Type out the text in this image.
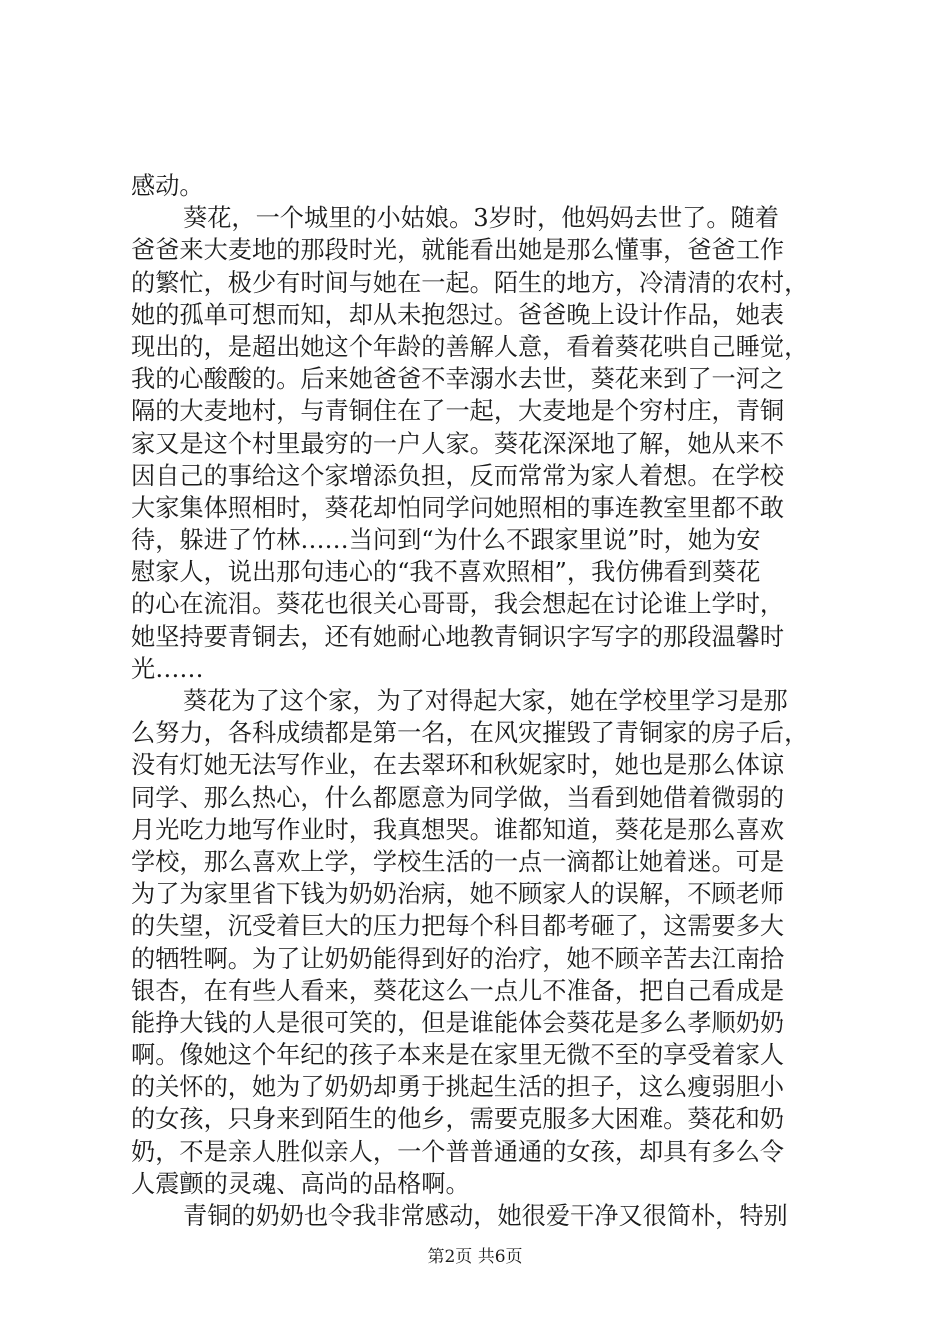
感动。
葵花，一个城里的小姑娘。3岁时，他妈妈去世了。随着
爸爸来大麦地的那段时光，就能看出她是那么懂事，爸爸工作
的繁忙，极少有时间与她在一起。陌生的地方，冷清清的农村，
她的孤单可想而知，却从未抱怨过。爸爸晚上设计作品，她表
现出的，是超出她这个年龄的善解人意，看着葵花哄自己睡觉，
我的心酸酸的。后来她爸爸不幸溺水去世，葵花来到了一河之
隔的大麦地村，与青铜住在了一起，大麦地是个穷村庄，青铜
家又是这个村里最穷的一户人家。葵花深深地了解，她从来不
因自己的事给这个家增添负担，反而常常为家人着想。在学校
大家集体照相时，葵花却怕同学问她照相的事连教室里都不敢
待，躲进了竹林……当问到“为什么不跟家里说”时，她为安
慰家人，说出那句违心的“我不喜欢照相”，我仿佛看到葵花
的心在流泪。葵花也很关心哥哥，我会想起在讨论谁上学时，
她坚持要青铜去，还有她耐心地教青铜识字写字的那段温馨时
光……
葵花为了这个家，为了对得起大家，她在学校里学习是那
么努力，各科成绩都是第一名，在风灾摧毁了青铜家的房子后，
没有灯她无法写作业，在去翠环和秋妮家时，她也是那么体谅
同学、那么热心，什么都愿意为同学做，当看到她借着微弱的
月光吃力地写作业时，我真想哭。谁都知道，葵花是那么喜欢
学校，那么喜欢上学，学校生活的一点一滴都让她着迷。可是
为了为家里省下钱为奶奶治病，她不顾家人的误解，不顾老师
的失望，沉受着巨大的压力把每个科目都考砸了，这需要多大
的牺牲啊。为了让奶奶能得到好的治疗，她不顾辛苦去江南拾
银杏，在有些人看来，葵花这么一点儿不准备，把自己看成是
能挣大钱的人是很可笑的，但是谁能体会葵花是多么孝顺奶奶
啊。像她这个年纪的孩子本来是在家里无微不至的享受着家人
的关怀的，她为了奶奶却勇于挑起生活的担子，这么瘦弱胆小
的女孩，只身来到陌生的他乡，需要克服多大困难。葵花和奶
奶，不是亲人胜似亲人，一个普普通通的女孩，却具有多么令
人震颤的灵魂、高尚的品格啊。
青铜的奶奶也令我非常感动，她很爱干净又很简朴，特别
第2页 共6页
